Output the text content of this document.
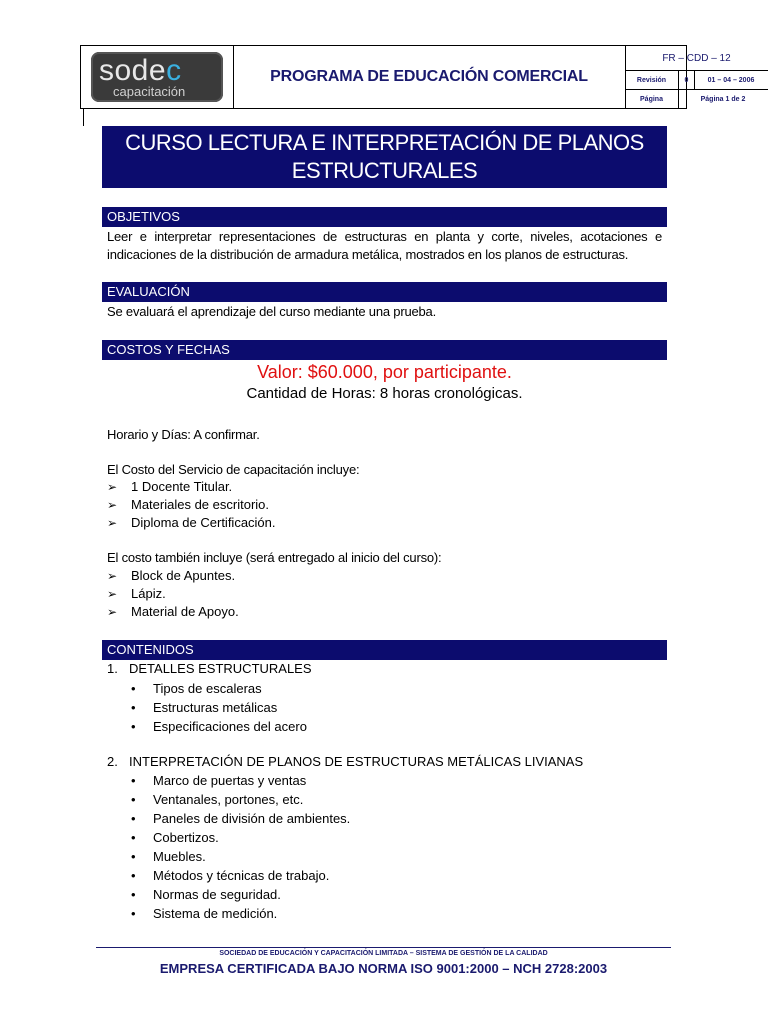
sodec
capacitación
PROGRAMA DE EDUCACIÓN COMERCIAL
FR – CDD – 12
Revisión	0	01 – 04 – 2006
Página	Página 1 de 2
CURSO LECTURA E INTERPRETACIÓN DE PLANOS
ESTRUCTURALES
OBJETIVOS
Leer e interpretar representaciones de estructuras en planta y corte, niveles, acotaciones e indicaciones de la distribución de armadura metálica, mostrados en los planos de estructuras.
EVALUACIÓN
Se evaluará el aprendizaje del curso mediante una prueba.
COSTOS Y FECHAS
Valor: $60.000, por participante.
Cantidad de Horas: 8 horas cronológicas.
Horario y Días: A confirmar.
El Costo del Servicio de capacitación incluye:
➢ 1 Docente Titular.
➢ Materiales de escritorio.
➢ Diploma de Certificación.
El costo también incluye (será entregado al inicio del curso):
➢ Block de Apuntes.
➢ Lápiz.
➢ Material de Apoyo.
CONTENIDOS
1. DETALLES ESTRUCTURALES
• Tipos de escaleras
• Estructuras metálicas
• Especificaciones del acero
2. INTERPRETACIÓN DE PLANOS DE ESTRUCTURAS METÁLICAS LIVIANAS
• Marco de puertas y ventas
• Ventanales, portones, etc.
• Paneles de división de ambientes.
• Cobertizos.
• Muebles.
• Métodos y técnicas de trabajo.
• Normas de seguridad.
• Sistema de medición.
SOCIEDAD DE EDUCACIÓN Y CAPACITACIÓN LIMITADA – SISTEMA DE GESTIÓN DE LA CALIDAD
EMPRESA CERTIFICADA BAJO NORMA ISO 9001:2000 – NCH 2728:2003
